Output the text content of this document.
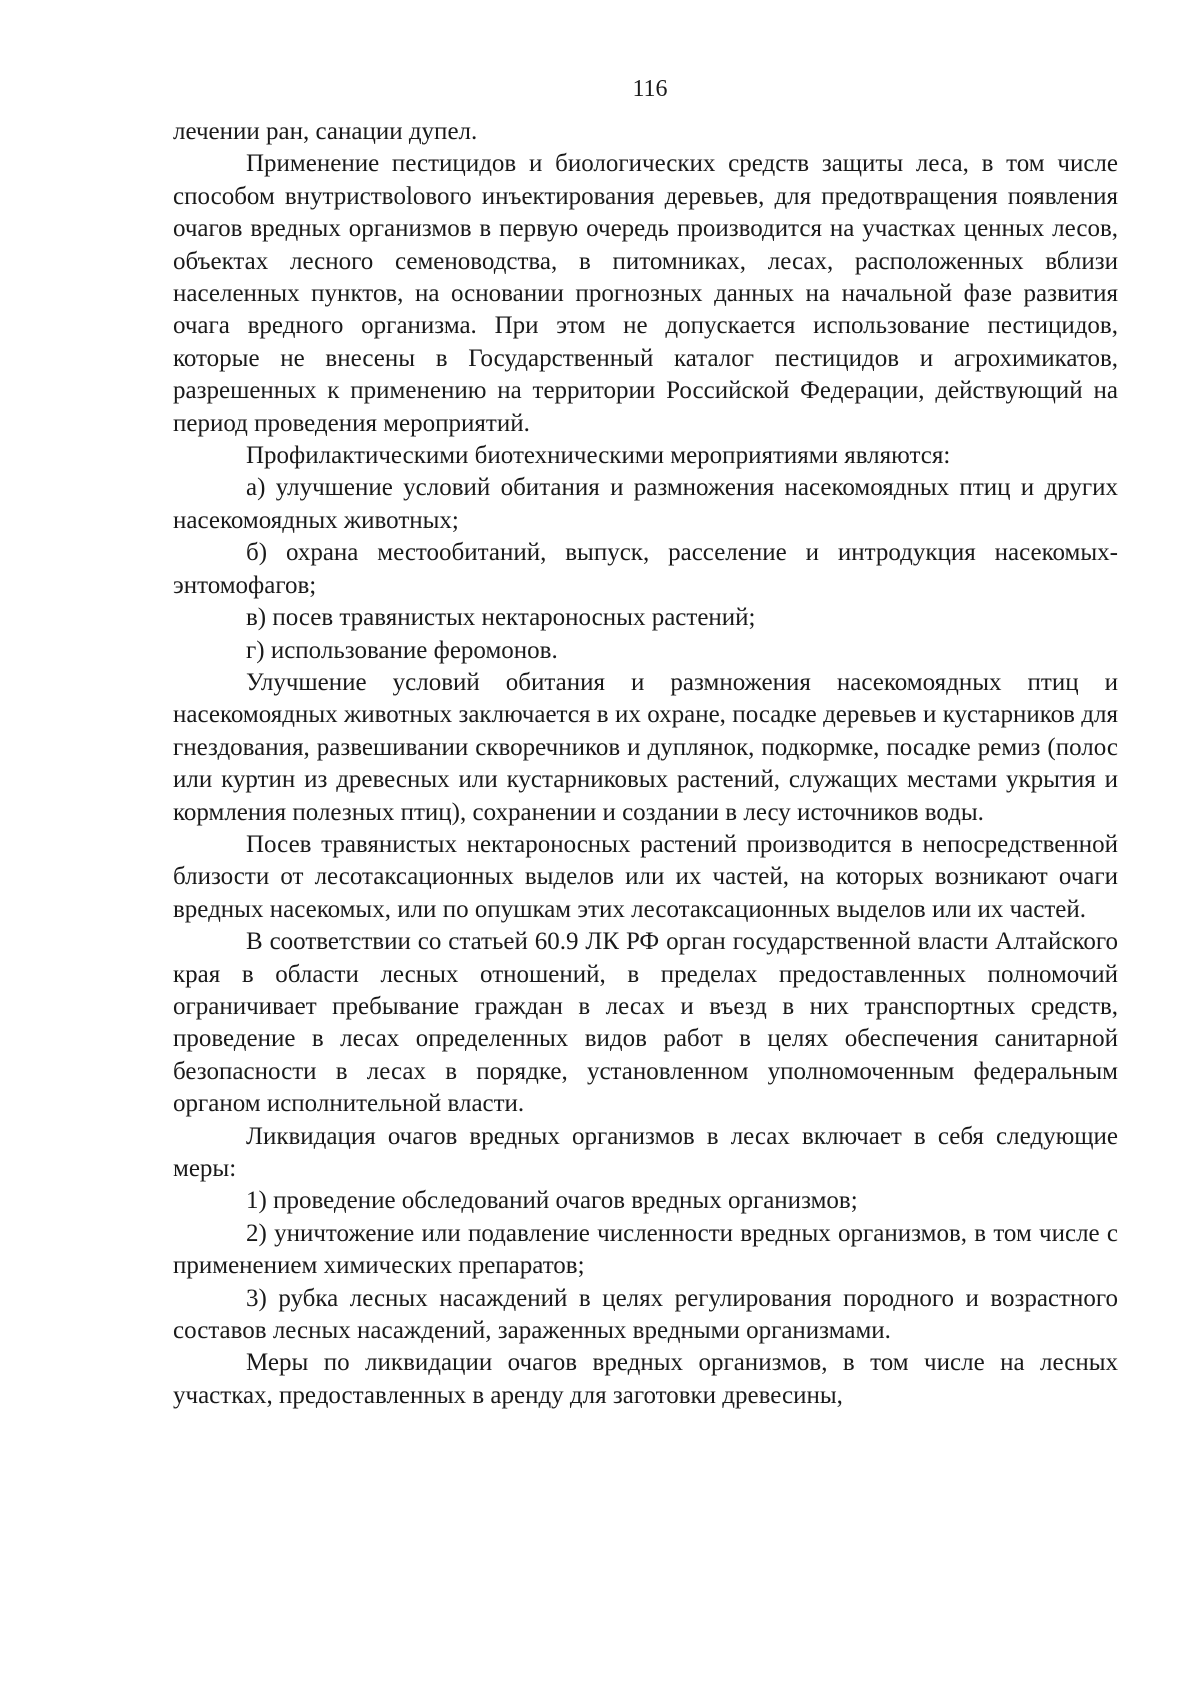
116

лечении ран, санации дупел.

Применение пестицидов и биологических средств защиты леса, в том числе способом внутриствolового инъектирования деревьев, для предотвращения появления очагов вредных организмов в первую очередь производится на участках ценных лесов, объектах лесного семеноводства, в питомниках, лесах, расположенных вблизи населенных пунктов, на основании прогнозных данных на начальной фазе развития очага вредного организма. При этом не допускается использование пестицидов, которые не внесены в Государственный каталог пестицидов и агрохимикатов, разрешенных к применению на территории Российской Федерации, действующий на период проведения мероприятий.

Профилактическими биотехническими мероприятиями являются:

а) улучшение условий обитания и размножения насекомоядных птиц и других насекомоядных животных;

б) охрана местообитаний, выпуск, расселение и интродукция насекомых-энтомофагов;

в) посев травянистых нектароносных растений;

г) использование феромонов.

Улучшение условий обитания и размножения насекомоядных птиц и насекомоядных животных заключается в их охране, посадке деревьев и кустарников для гнездования, развешивании скворечников и дуплянок, подкормке, посадке ремиз (полос или куртин из древесных или кустарниковых растений, служащих местами укрытия и кормления полезных птиц), сохранении и создании в лесу источников воды.

Посев травянистых нектароносных растений производится в непосредственной близости от лесотаксационных выделов или их частей, на которых возникают очаги вредных насекомых, или по опушкам этих лесотаксационных выделов или их частей.

В соответствии со статьей 60.9 ЛК РФ орган государственной власти Алтайского края в области лесных отношений, в пределах предоставленных полномочий ограничивает пребывание граждан в лесах и въезд в них транспортных средств, проведение в лесах определенных видов работ в целях обеспечения санитарной безопасности в лесах в порядке, установленном уполномоченным федеральным органом исполнительной власти.

Ликвидация очагов вредных организмов в лесах включает в себя следующие меры:

1) проведение обследований очагов вредных организмов;

2) уничтожение или подавление численности вредных организмов, в том числе с применением химических препаратов;

3) рубка лесных насаждений в целях регулирования породного и возрастного составов лесных насаждений, зараженных вредными организмами.

Меры по ликвидации очагов вредных организмов, в том числе на лесных участках, предоставленных в аренду для заготовки древесины,
